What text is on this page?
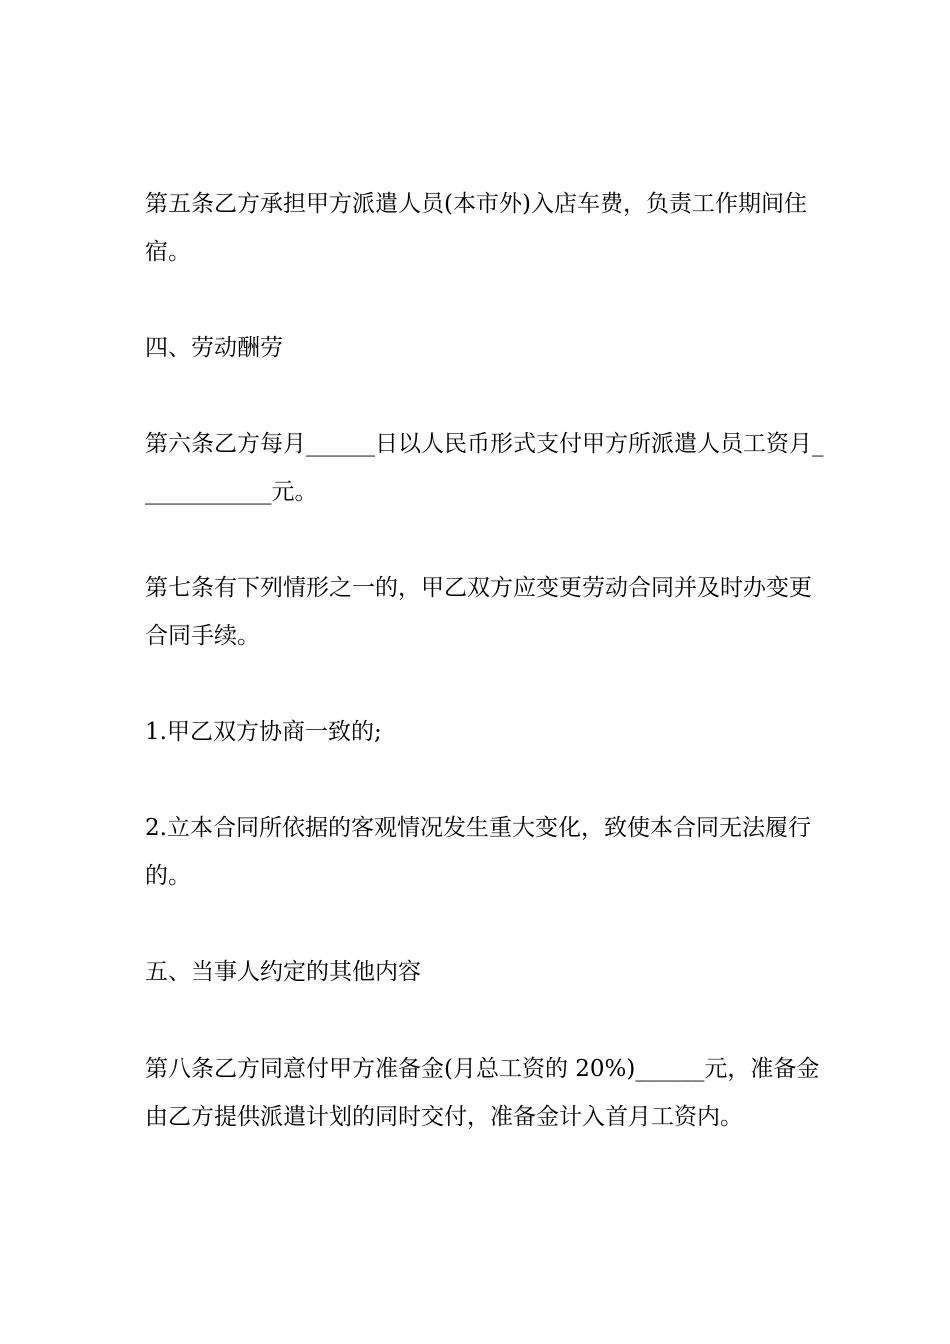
第五条乙方承担甲方派遣人员(本市外)入店车费，负责工作期间住
宿。
四、劳动酬劳
第六条乙方每月______日以人民币形式支付甲方所派遣人员工资月_
___________元。
第七条有下列情形之一的，甲乙双方应变更劳动合同并及时办变更
合同手续。
1.甲乙双方协商一致的;
2.立本合同所依据的客观情况发生重大变化，致使本合同无法履行
的。
五、当事人约定的其他内容
第八条乙方同意付甲方准备金(月总工资的 20%)______元，准备金
由乙方提供派遣计划的同时交付，准备金计入首月工资内。
